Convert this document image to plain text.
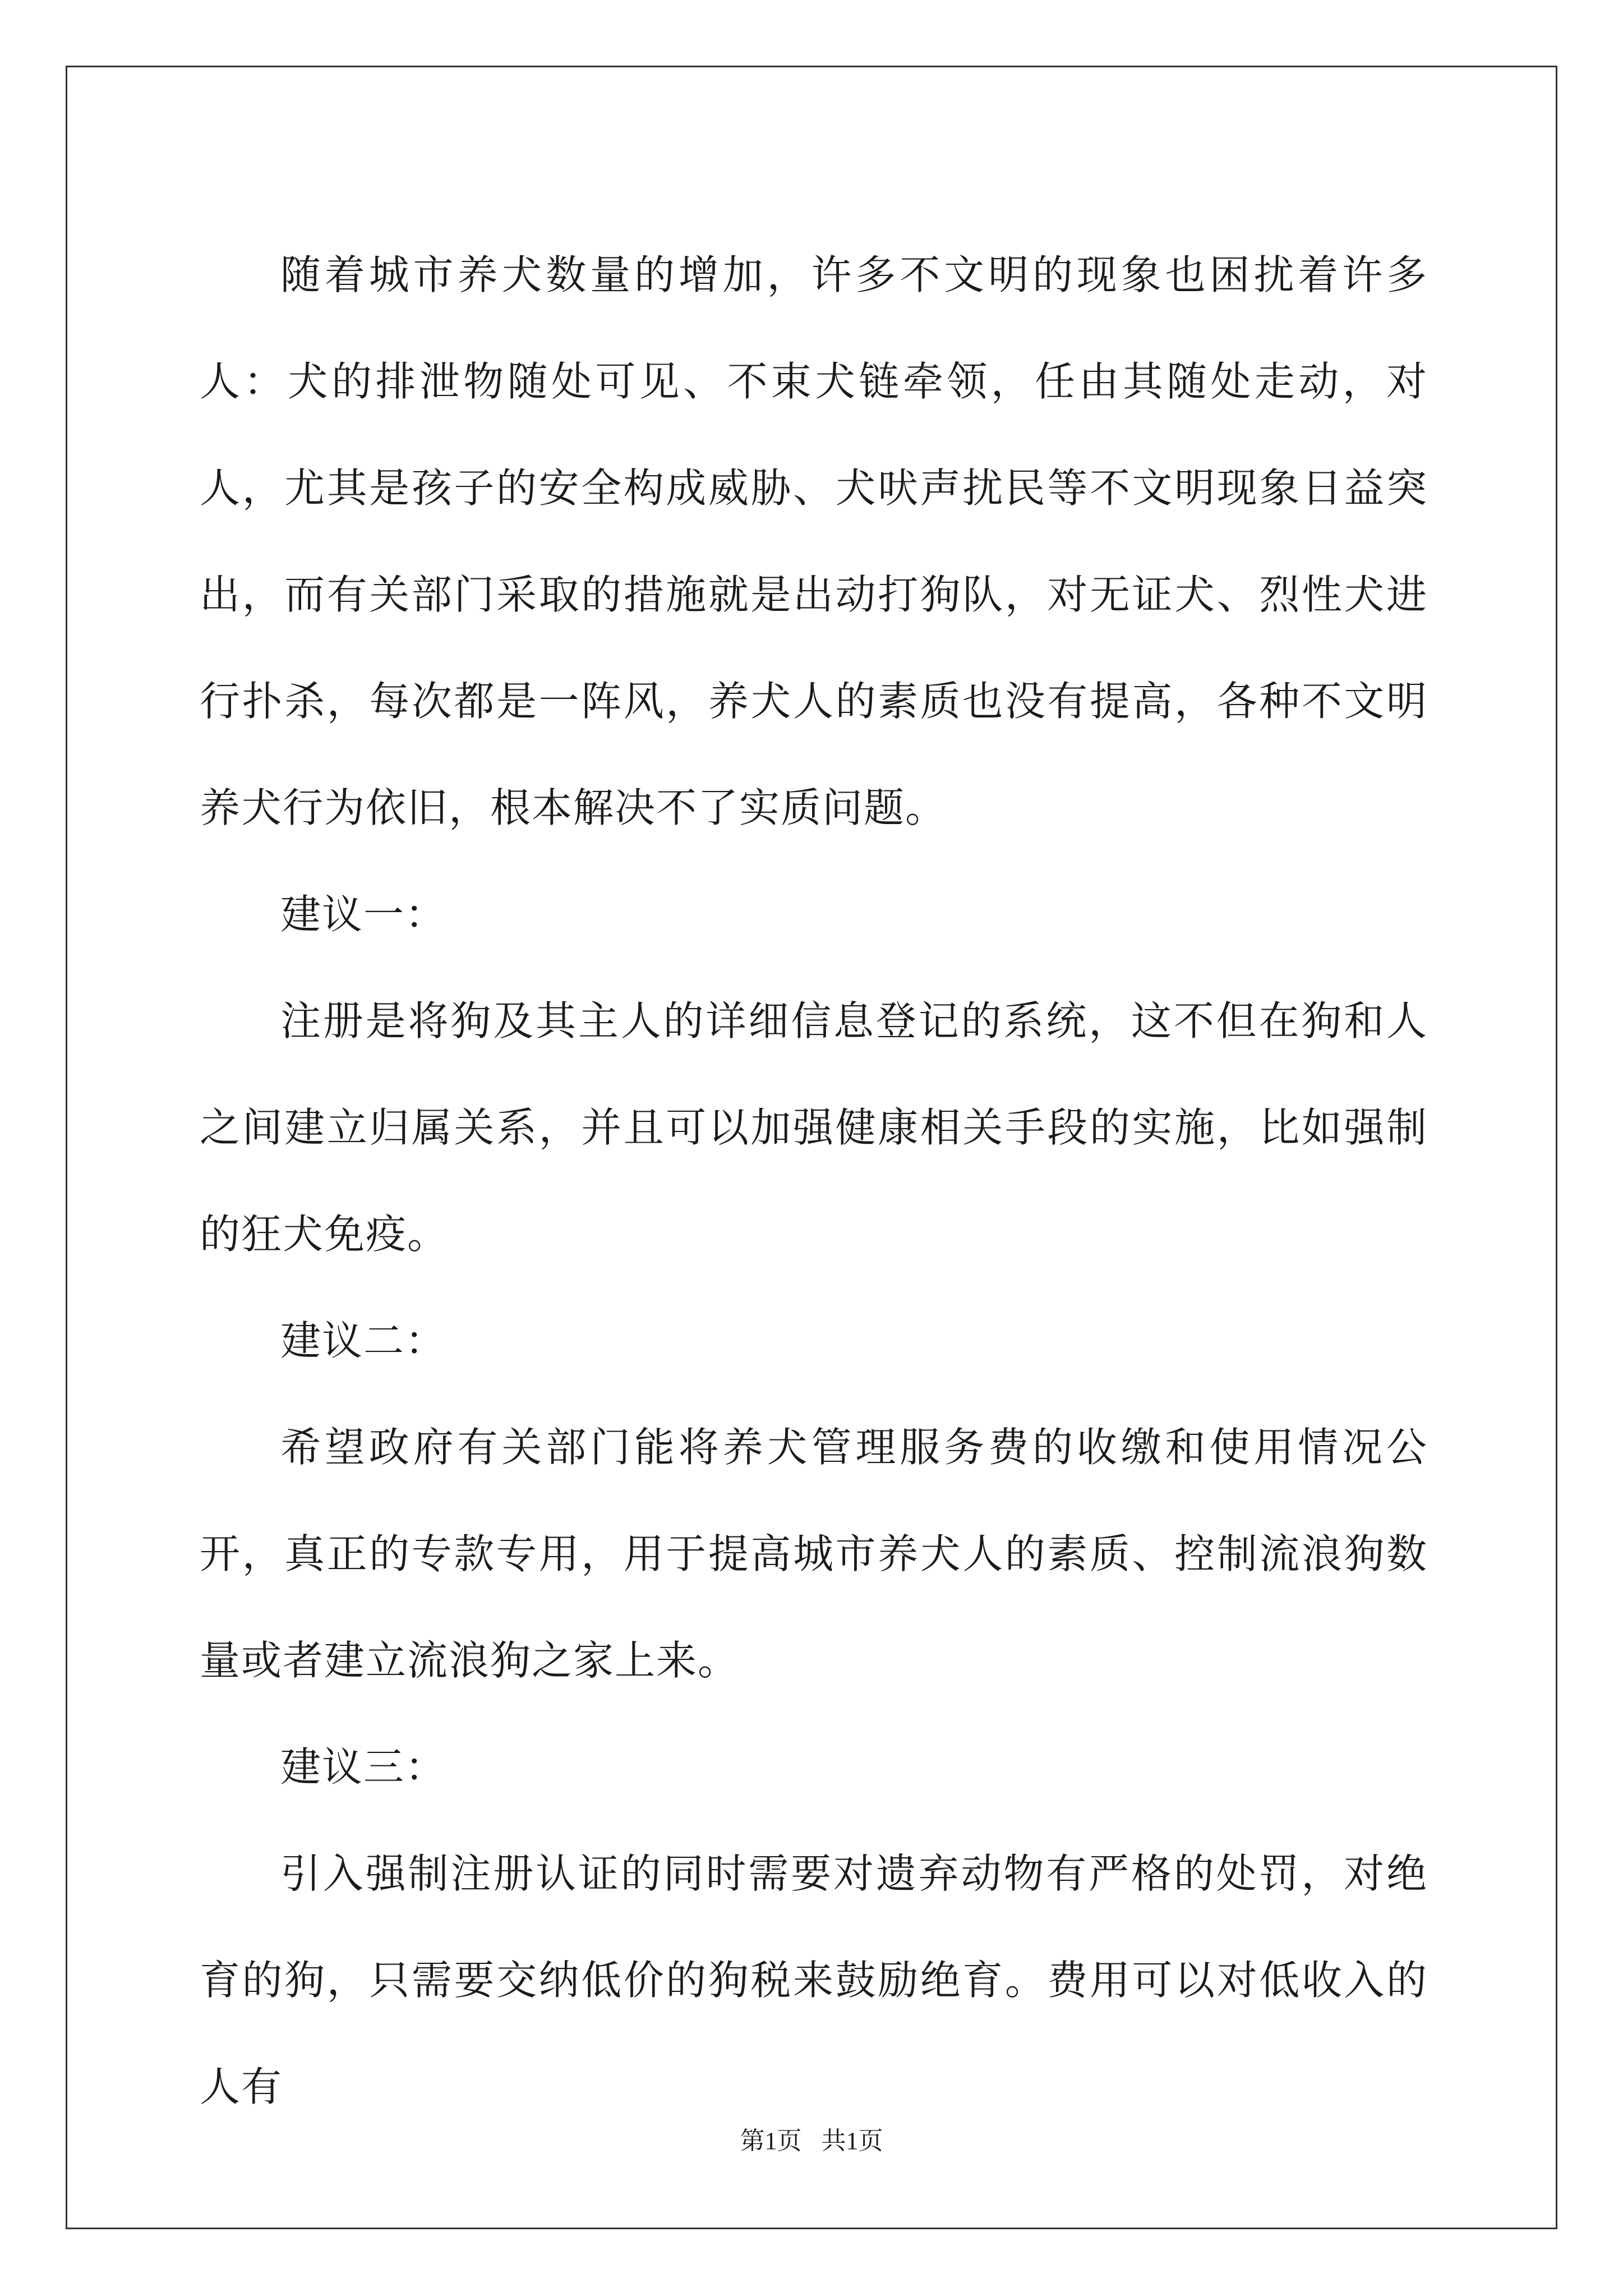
随着城市养犬数量的增加，许多不文明的现象也困扰着许多人：犬的排泄物随处可见、不束犬链牵领，任由其随处走动，对人，尤其是孩子的安全构成威胁、犬吠声扰民等不文明现象日益突出，而有关部门采取的措施就是出动打狗队，对无证犬、烈性犬进行扑杀，每次都是一阵风，养犬人的素质也没有提高，各种不文明养犬行为依旧，根本解决不了实质问题。

建议一：

注册是将狗及其主人的详细信息登记的系统，这不但在狗和人之间建立归属关系，并且可以加强健康相关手段的实施，比如强制的狂犬免疫。

建议二：

希望政府有关部门能将养犬管理服务费的收缴和使用情况公开，真正的专款专用，用于提高城市养犬人的素质、控制流浪狗数量或者建立流浪狗之家上来。

建议三：

引入强制注册认证的同时需要对遗弃动物有严格的处罚，对绝育的狗，只需要交纳低价的狗税来鼓励绝育。费用可以对低收入的人有

第1页 共1页
